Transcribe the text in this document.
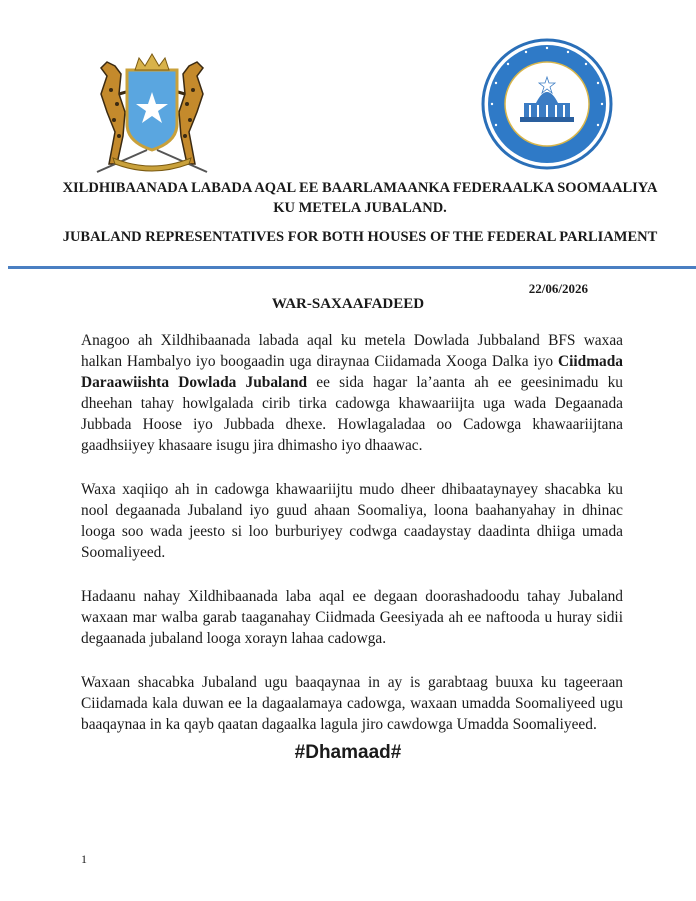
XILDHIBAANADA LABADA AQAL EE BAARLAMAANKA FEDERAALKA SOOMAALIYA KU METELA JUBALAND.
JUBALAND REPRESENTATIVES FOR BOTH HOUSES OF THE FEDERAL PARLIAMENT
22/06/2026
WAR-SAXAAFADEED

Anagoo ah Xildhibaanada labada aqal ku metela Dowlada Jubbaland BFS waxaa halkan Hambalyo iyo boogaadin uga diraynaa Ciidamada Xooga Dalka iyo Ciidmada Daraawiishta Dowlada Jubaland ee sida hagar la’aanta ah ee geesinimadu ku dheehan tahay howlgalada cirib tirka cadowga khawaariijta uga wada Degaanada Jubbada Hoose iyo Jubbada dhexe. Howlagaladaa oo Cadowga khawaariijtana gaadhsiiyey khasaare isugu jira dhimasho iyo dhaawac.

Waxa xaqiiqo ah in cadowga khawaariijtu mudo dheer dhibaataynayey shacabka ku nool degaanada Jubaland iyo guud ahaan Soomaliya, loona baahanyahay in dhinac looga soo wada jeesto si loo burburiyey codwga caadaystay daadinta dhiiga umada Soomaliyeed.

Hadaanu nahay Xildhibaanada laba aqal ee degaan doorashadoodu tahay Jubaland waxaan mar walba garab taaganahay Ciidmada Geesiyada ah ee naftooda u huray sidii degaanada jubaland looga xorayn lahaa cadowga.

Waxaan shacabka Jubaland ugu baaqaynaa in ay is garabtaag buuxa ku tageeraan Ciidamada kala duwan ee la dagaalamaya cadowga, waxaan umadda Soomaliyeed ugu baaqaynaa in ka qayb qaatan dagaalka lagula jiro cawdowga Umadda Soomaliyeed.

#Dhamaad#
1
